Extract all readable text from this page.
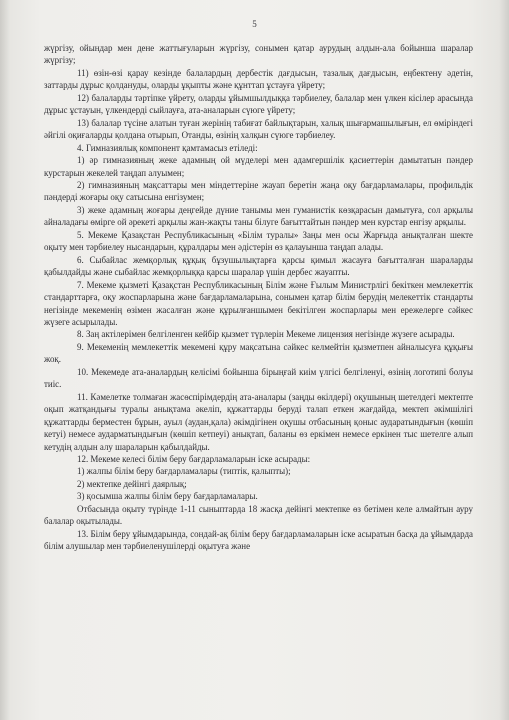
5

жүргізу, ойындар мен дене жаттығуларын жүргізу, сонымен қатар аурудың алдын-ала бойынша шаралар жүргізу;

11) өзін-өзі қарау кезінде балалардың дербестік дағдысын, тазалық дағдысын, еңбектену әдетін, заттарды дұрыс қолдануды, оларды ұқыпты және құнттап ұстауға үйрету;

12) балаларды тәртіпке үйрету, оларды ұйымшылдыққа тәрбиелеу, балалар мен үлкен кісілер арасында дұрыс ұстауын, үлкендерді сыйлауға, ата-аналарын сүюге үйрету;

13) балалар түсіне алатын туған жерінің табиғат байлықтарын, халық шығармашылығын, ел өміріндегі әйгілі оқиғаларды қолдана отырып, Отанды, өзінің халқын сүюге тәрбиелеу.

4. Гимназиялық компонент қамтамасыз етіледі:

1) әр гимназияның жеке адамның ой мүделері мен адамгершілік қасиеттерін дамытатын пәндер курстарын жекелей таңдап алуымен;

2) гимназияның мақсаттары мен міндеттеріне жауап беретін жаңа оқу бағдарламалары, профильдік пәндерді жоғары оқу сатысына енгізумен;

3) жеке адамның жоғары деңгейде дүние танымы мен гуманистік көзқарасын дамытуға, сол арқылы айналадағы өмірге ой әрекеті арқылы жан-жақты таны білуге бағыттайтын пәндер мен курстар енгізу арқылы.

5. Мекеме Қазақстан Республикасының «Білім туралы» Заңы мен осы Жарғыда анықталған шекте оқыту мен тәрбиелеу нысандарын, құралдары мен әдістерін өз қалауынша таңдап алады.

6. Сыбайлас жемқорлық құқық бұзушылықтарға қарсы қимыл жасауға бағытталған шараларды қабылдайды және сыбайлас жемқорлыққа қарсы шаралар үшін дербес жауапты.

7. Мекеме қызметі Қазақстан Республикасының Білім және Ғылым Министрлігі бекіткен мемлекеттік стандарттарға, оқу жоспарларына және бағдарламаларына, сонымен қатар білім берудің мелекеттік стандарты негізінде мекеменің өзімен жасалған және құрылғаншымен бекітілген жоспарлары мен ережелерге сәйкес жүзеге асырылады.

8. Заң актілерімен белгіленген кейбір қызмет түрлерін Мекеме лицензия негізінде жүзеге асырады.

9. Мекеменің мемлекеттік мекемені құру мақсатына сәйкес келмейтін қызметпен айналысуға құқығы жоқ.

10. Мекемеде ата-аналардың келісімі бойынша бірыңғай киім үлгісі белгіленуі, өзінің логотипі болуы тиіс.

11. Кәмелетке толмаған жасөспірімдердің ата-аналары (заңды өкілдері) оқушының шетелдегі мектепте оқып жатқандығы туралы анықтама әкеліп, құжаттарды беруді талап еткен жағдайда, мектеп әкімшілігі құжаттарды берместен бұрын, ауыл (аудан,қала) әкімдігінен оқушы отбасының қоныс аударатындығын (көшіп кетуі) немесе аударматындығын (көшіп кетпеуі) анықтап, баланы өз еркімен немесе еркінен тыс шетелге алып кетудің алдын алу шараларын қабылдайды.

12. Мекеме келесі білім беру бағдарламаларын іске асырады:

1) жалпы білім беру бағдарламалары (типтік, қалыпты);

2) мектепке дейінгі даярлық;

3) қосымша жалпы білім беру бағдарламалары.

Отбасында оқыту түрінде 1-11 сыныптарда 18 жасқа дейінгі мектепке өз бетімен келе алмайтын ауру балалар оқытылады.

13. Білім беру ұйымдарында, сондай-ақ білім беру бағдарламаларын іске асыратын басқа да ұйымдарда білім алушылар мен тәрбиеленушілерді оқытуға және
